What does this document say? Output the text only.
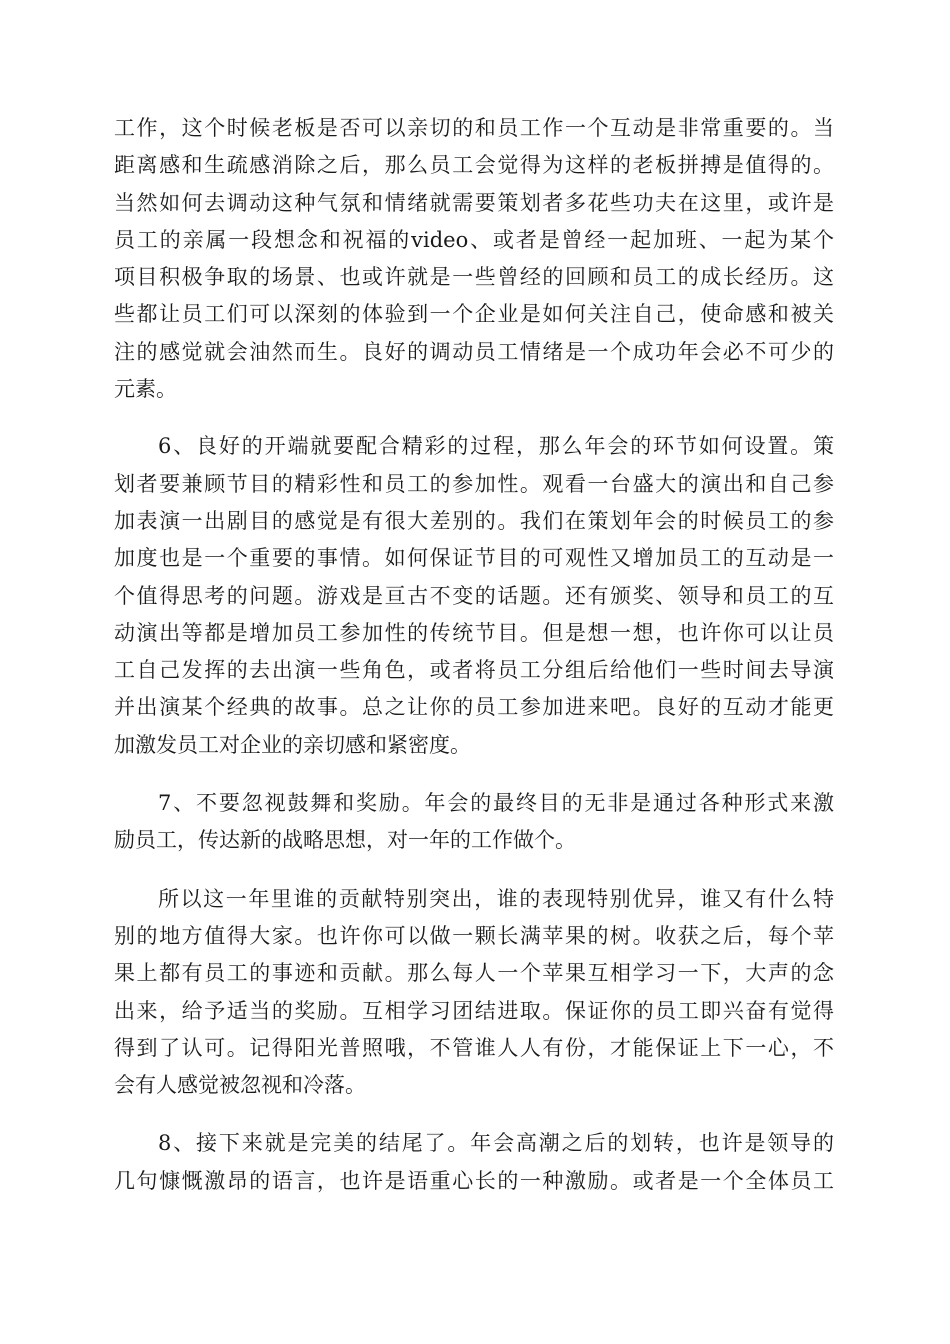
工作，这个时候老板是否可以亲切的和员工作一个互动是非常重要的。当
距离感和生疏感消除之后，那么员工会觉得为这样的老板拼搏是值得的。
当然如何去调动这种气氛和情绪就需要策划者多花些功夫在这里，或许是
员工的亲属一段想念和祝福的video、或者是曾经一起加班、一起为某个
项目积极争取的场景、也或许就是一些曾经的回顾和员工的成长经历。这
些都让员工们可以深刻的体验到一个企业是如何关注自己，使命感和被关
注的感觉就会油然而生。良好的调动员工情绪是一个成功年会必不可少的
元素。
6、良好的开端就要配合精彩的过程，那么年会的环节如何设置。策
划者要兼顾节目的精彩性和员工的参加性。观看一台盛大的演出和自己参
加表演一出剧目的感觉是有很大差别的。我们在策划年会的时候员工的参
加度也是一个重要的事情。如何保证节目的可观性又增加员工的互动是一
个值得思考的问题。游戏是亘古不变的话题。还有颁奖、领导和员工的互
动演出等都是增加员工参加性的传统节目。但是想一想，也许你可以让员
工自己发挥的去出演一些角色，或者将员工分组后给他们一些时间去导演
并出演某个经典的故事。总之让你的员工参加进来吧。良好的互动才能更
加激发员工对企业的亲切感和紧密度。
7、不要忽视鼓舞和奖励。年会的最终目的无非是通过各种形式来激
励员工，传达新的战略思想，对一年的工作做个。
所以这一年里谁的贡献特别突出，谁的表现特别优异，谁又有什么特
别的地方值得大家。也许你可以做一颗长满苹果的树。收获之后，每个苹
果上都有员工的事迹和贡献。那么每人一个苹果互相学习一下，大声的念
出来，给予适当的奖励。互相学习团结进取。保证你的员工即兴奋有觉得
得到了认可。记得阳光普照哦，不管谁人人有份，才能保证上下一心，不
会有人感觉被忽视和冷落。
8、接下来就是完美的结尾了。年会高潮之后的划转，也许是领导的
几句慷慨激昂的语言，也许是语重心长的一种激励。或者是一个全体员工
